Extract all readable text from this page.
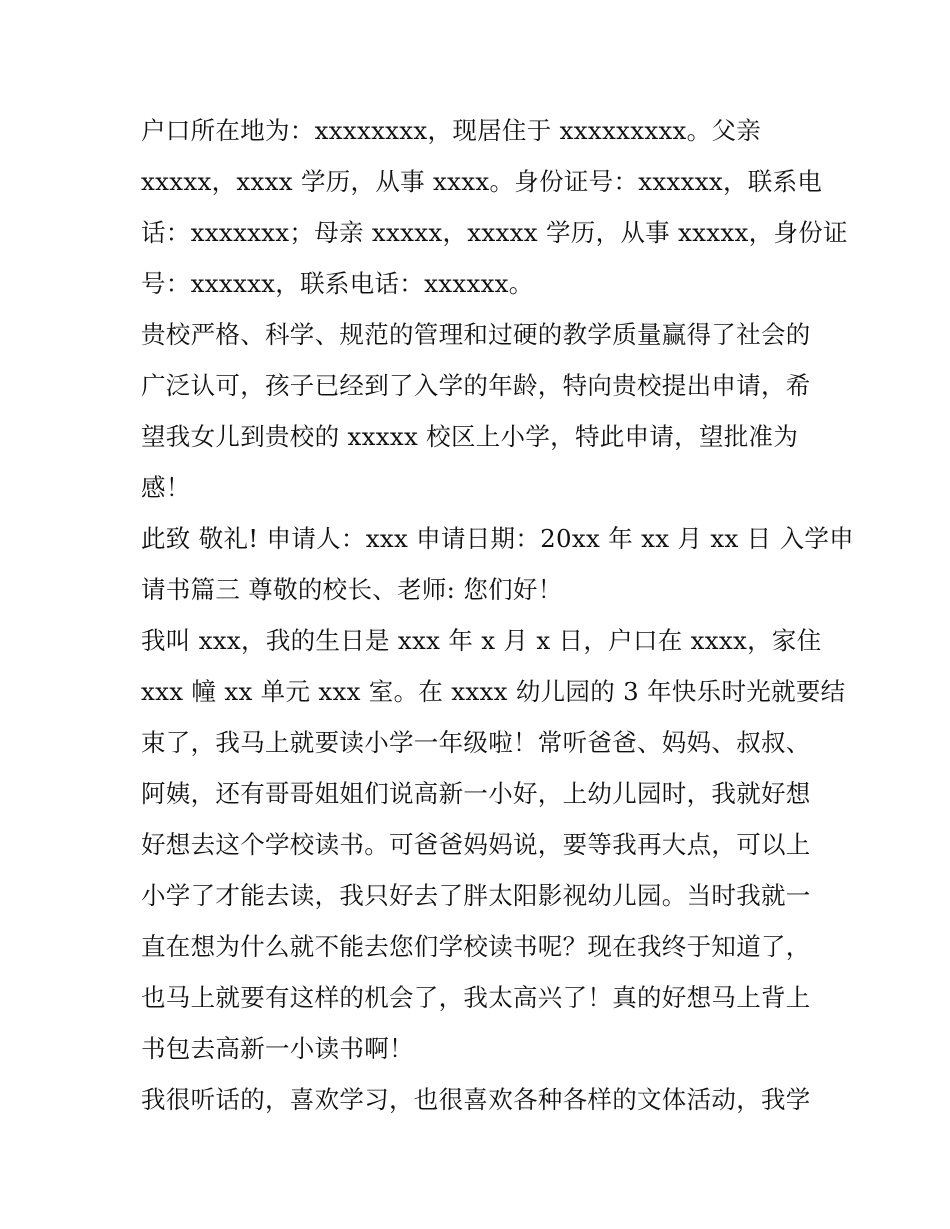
户口所在地为：xxxxxxxx，现居住于 xxxxxxxxx。父亲
xxxxx，xxxx 学历，从事 xxxx。身份证号：xxxxxx，联系电
话：xxxxxxx；母亲 xxxxx，xxxxx 学历，从事 xxxxx，身份证
号：xxxxxx，联系电话：xxxxxx。
贵校严格、科学、规范的管理和过硬的教学质量赢得了社会的
广泛认可，孩子已经到了入学的年龄，特向贵校提出申请，希
望我女儿到贵校的 xxxxx 校区上小学，特此申请，望批准为
感！
此致 敬礼! 申请人：xxx 申请日期：20xx 年 xx 月 xx 日 入学申
请书篇三 尊敬的校长、老师: 您们好！
我叫 xxx，我的生日是 xxx 年 x 月 x 日，户口在 xxxx，家住
xxx 幢 xx 单元 xxx 室。在 xxxx 幼儿园的 3 年快乐时光就要结
束了，我马上就要读小学一年级啦！常听爸爸、妈妈、叔叔、
阿姨，还有哥哥姐姐们说高新一小好，上幼儿园时，我就好想
好想去这个学校读书。可爸爸妈妈说，要等我再大点，可以上
小学了才能去读，我只好去了胖太阳影视幼儿园。当时我就一
直在想为什么就不能去您们学校读书呢？现在我终于知道了，
也马上就要有这样的机会了，我太高兴了！真的好想马上背上
书包去高新一小读书啊！
我很听话的，喜欢学习，也很喜欢各种各样的文体活动，我学
